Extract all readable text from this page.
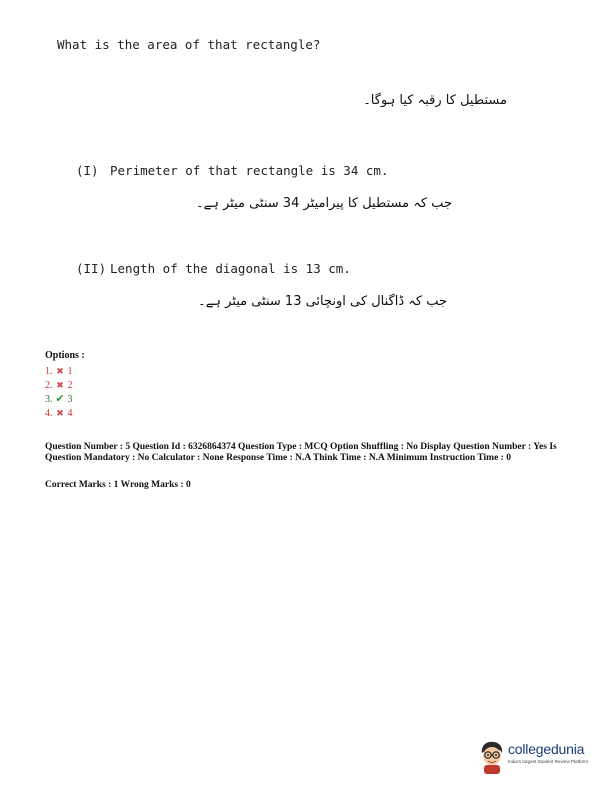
What is the area of that rectangle?
مستطیل کا رقبہ کیا ہوگا۔
(I) Perimeter of that rectangle is 34 cm.
جب کہ مستطیل کا پیرامیٹر 34 سنٹی میٹر ہے۔
(II) Length of the diagonal is 13 cm.
جب کہ ڈاگنال کی اونچائی 13 سنٹی میٹر ہے۔
Options :
1. ✖ 1
2. ✖ 2
3. ✔ 3
4. ✖ 4
Question Number : 5 Question Id : 6326864374 Question Type : MCQ Option Shuffling : No Display Question Number : Yes Is Question Mandatory : No Calculator : None Response Time : N.A Think Time : N.A Minimum Instruction Time : 0
Correct Marks : 1 Wrong Marks : 0
collegedunia
India's largest Student Review Platform
